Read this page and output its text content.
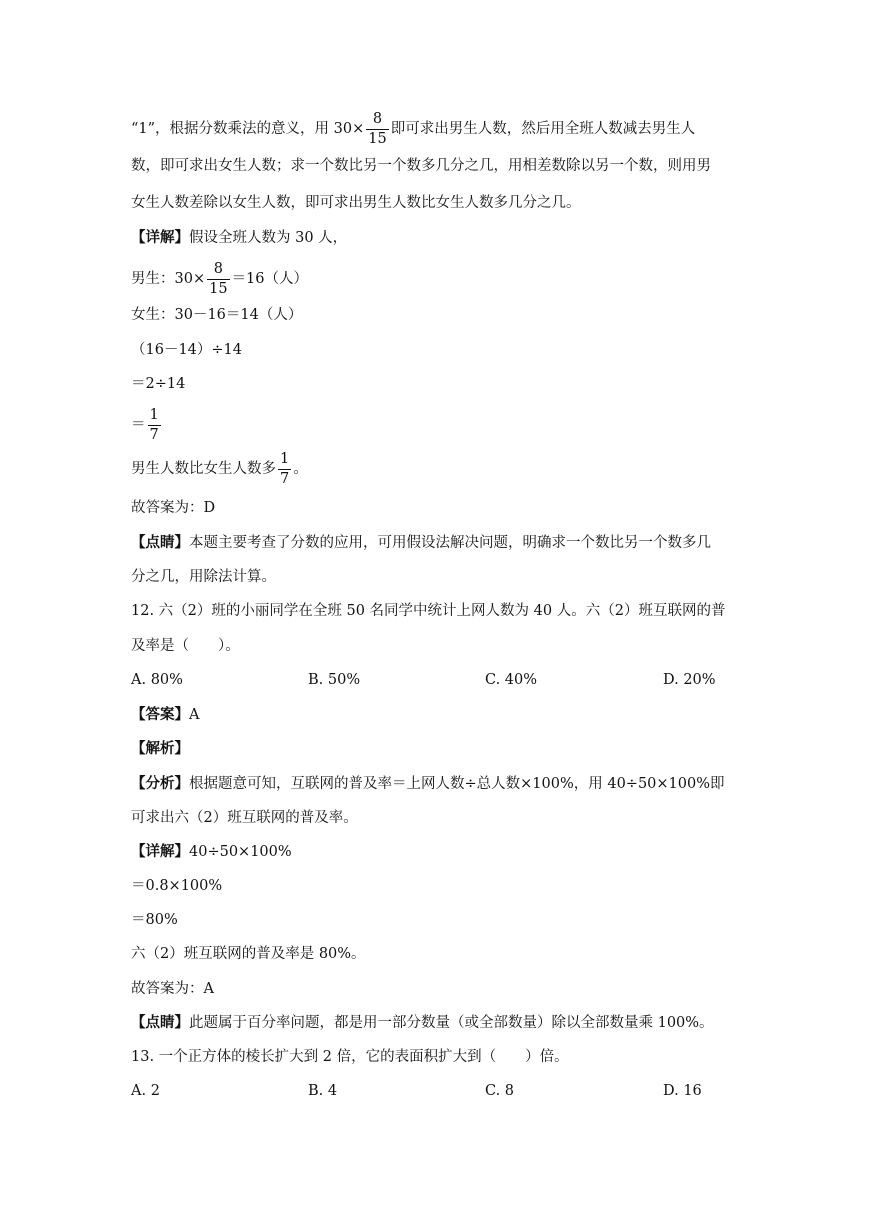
“1”，根据分数乘法的意义，用 $30\times \frac{8}{15}$ 即可求出男生人数，然后用全班人数减去男生人
数，即可求出女生人数；求一个数比另一个数多几分之几，用相差数除以另一个数，则用男
女生人数差除以女生人数，即可求出男生人数比女生人数多几分之几。
【详解】假设全班人数为 30 人，
男生：$30\times \frac{8}{15} =16$（人）
女生：30－16＝14（人）
（16－14）÷14
＝2÷14
＝ $\frac{1}{7}$
男生人数比女生人数多 $\frac{1}{7}$ 。
故答案为：D
【点睛】本题主要考查了分数的应用，可用假设法解决问题，明确求一个数比另一个数多几
分之几，用除法计算。
12. 六（2）班的小丽同学在全班 50 名同学中统计上网人数为 40 人。六（2）班互联网的普
及率是（　　）。
A. 80%	B. 50%	C. 40%	D. 20%
【答案】A
【解析】
【分析】根据题意可知，互联网的普及率＝上网人数÷总人数×100%，用 40÷50×100%即
可求出六（2）班互联网的普及率。
【详解】40÷50×100%
＝0.8×100%
＝80%
六（2）班互联网的普及率是 80%。
故答案为：A
【点睛】此题属于百分率问题，都是用一部分数量（或全部数量）除以全部数量乘 100%。
13. 一个正方体的棱长扩大到 2 倍，它的表面积扩大到（　　）倍。
A. 2	B. 4	C. 8	D. 16
